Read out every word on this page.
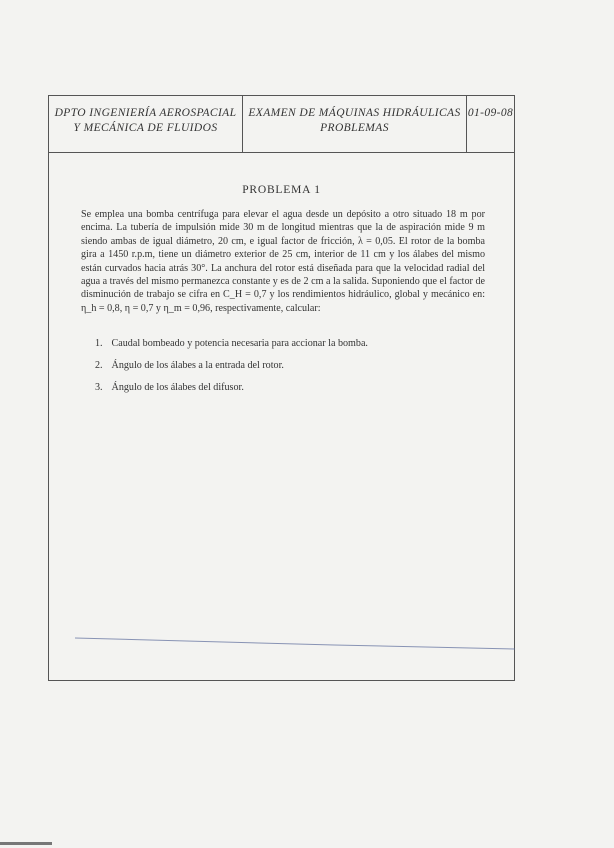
DPTO INGENIERÍA AEROSPACIAL
Y MECÁNICA DE FLUIDOS
EXAMEN DE MÁQUINAS HIDRÁULICAS
PROBLEMAS
01-09-08
PROBLEMA 1

Se emplea una bomba centrífuga para elevar el agua desde un depósito a otro situado 18 m por encima. La tubería de impulsión mide 30 m de longitud mientras que la de aspiración mide 9 m siendo ambas de igual diámetro, 20 cm, e igual factor de fricción, λ = 0,05. El rotor de la bomba gira a 1450 r.p.m, tiene un diámetro exterior de 25 cm, interior de 11 cm y los álabes del mismo están curvados hacia atrás 30°. La anchura del rotor está diseñada para que la velocidad radial del agua a través del mismo permanezca constante y es de 2 cm a la salida. Suponiendo que el factor de disminución de trabajo se cifra en C_H = 0,7 y los rendimientos hidráulico, global y mecánico en: η_h = 0,8, η = 0,7 y η_m = 0,96, respectivamente, calcular:

1. Caudal bombeado y potencia necesaria para accionar la bomba.
2. Ángulo de los álabes a la entrada del rotor.
3. Ángulo de los álabes del difusor.
